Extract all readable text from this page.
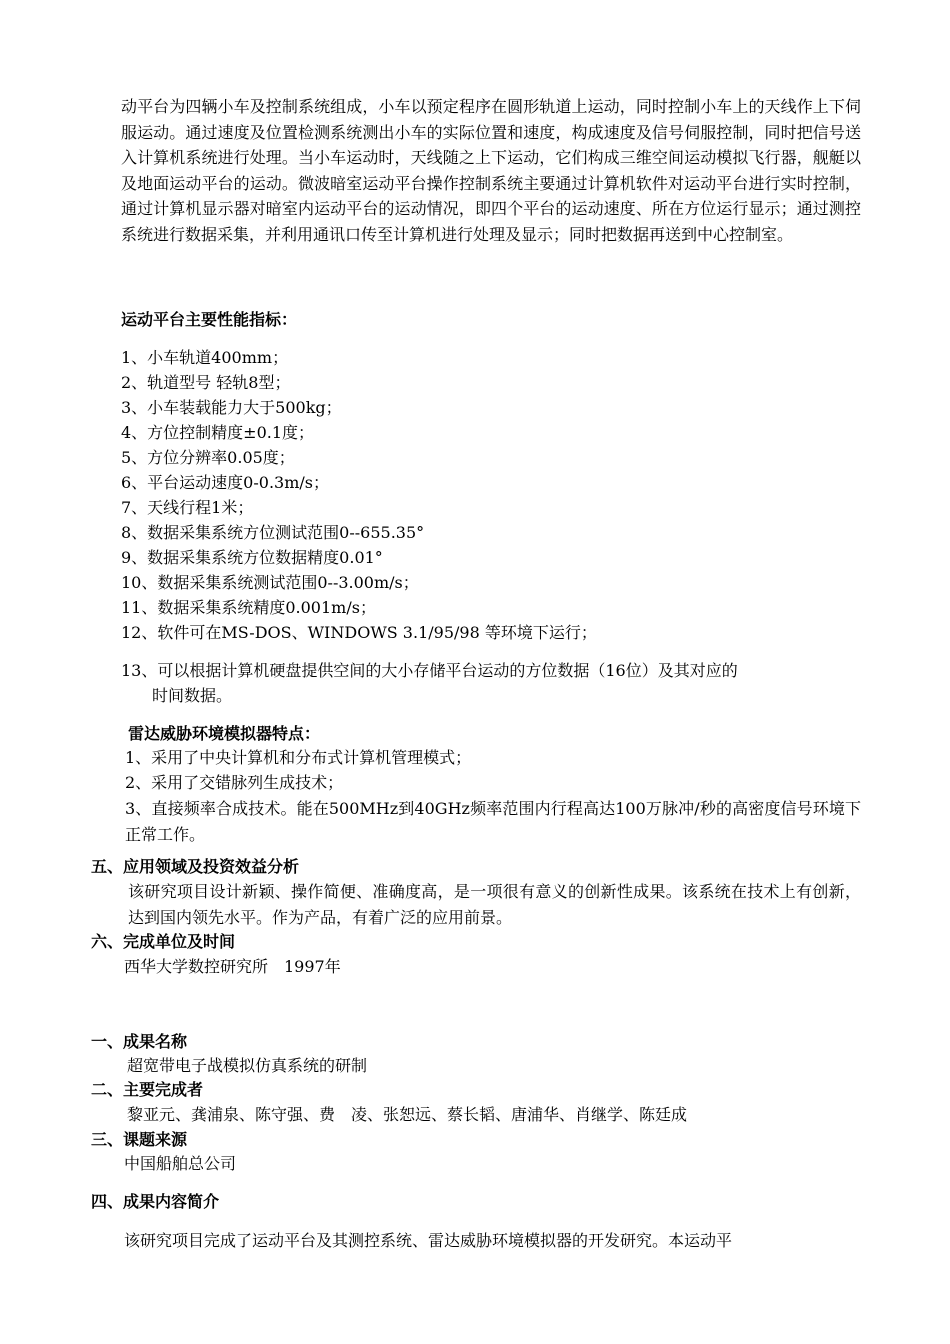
动平台为四辆小车及控制系统组成，小车以预定程序在圆形轨道上运动，同时控制小车上的天线作上下伺服运动。通过速度及位置检测系统测出小车的实际位置和速度，构成速度及信号伺服控制，同时把信号送入计算机系统进行处理。当小车运动时，天线随之上下运动，它们构成三维空间运动模拟飞行器，舰艇以及地面运动平台的运动。微波暗室运动平台操作控制系统主要通过计算机软件对运动平台进行实时控制，通过计算机显示器对暗室内运动平台的运动情况，即四个平台的运动速度、所在方位运行显示；通过测控系统进行数据采集，并利用通讯口传至计算机进行处理及显示；同时把数据再送到中心控制室。
运动平台主要性能指标：
1、小车轨道400mm；
2、轨道型号 轻轨8型；
3、小车装载能力大于500kg；
4、方位控制精度±0.1度；
5、方位分辨率0.05度；
6、平台运动速度0-0.3m/s；
7、天线行程1米；
8、数据采集系统方位测试范围0--655.35°
9、数据采集系统方位数据精度0.01°
10、数据采集系统测试范围0--3.00m/s；
11、数据采集系统精度0.001m/s；
12、软件可在MS-DOS、WINDOWS 3.1/95/98 等环境下运行；
13、可以根据计算机硬盘提供空间的大小存储平台运动的方位数据（16位）及其对应的
时间数据。
雷达威胁环境模拟器特点：
1、采用了中央计算机和分布式计算机管理模式；
2、采用了交错脉列生成技术；
3、直接频率合成技术。能在500MHz到40GHz频率范围内行程高达100万脉冲/秒的高密度信号环境下正常工作。
五、应用领域及投资效益分析
该研究项目设计新颖、操作简便、准确度高，是一项很有意义的创新性成果。该系统在技术上有创新，达到国内领先水平。作为产品，有着广泛的应用前景。
六、完成单位及时间
西华大学数控研究所　1997年
一、成果名称
超宽带电子战模拟仿真系统的研制
二、主要完成者
黎亚元、龚浦泉、陈守强、费　凌、张恕远、蔡长韬、唐浦华、肖继学、陈廷成
三、课题来源
中国船舶总公司
四、成果内容简介
该研究项目完成了运动平台及其测控系统、雷达威胁环境模拟器的开发研究。本运动平
